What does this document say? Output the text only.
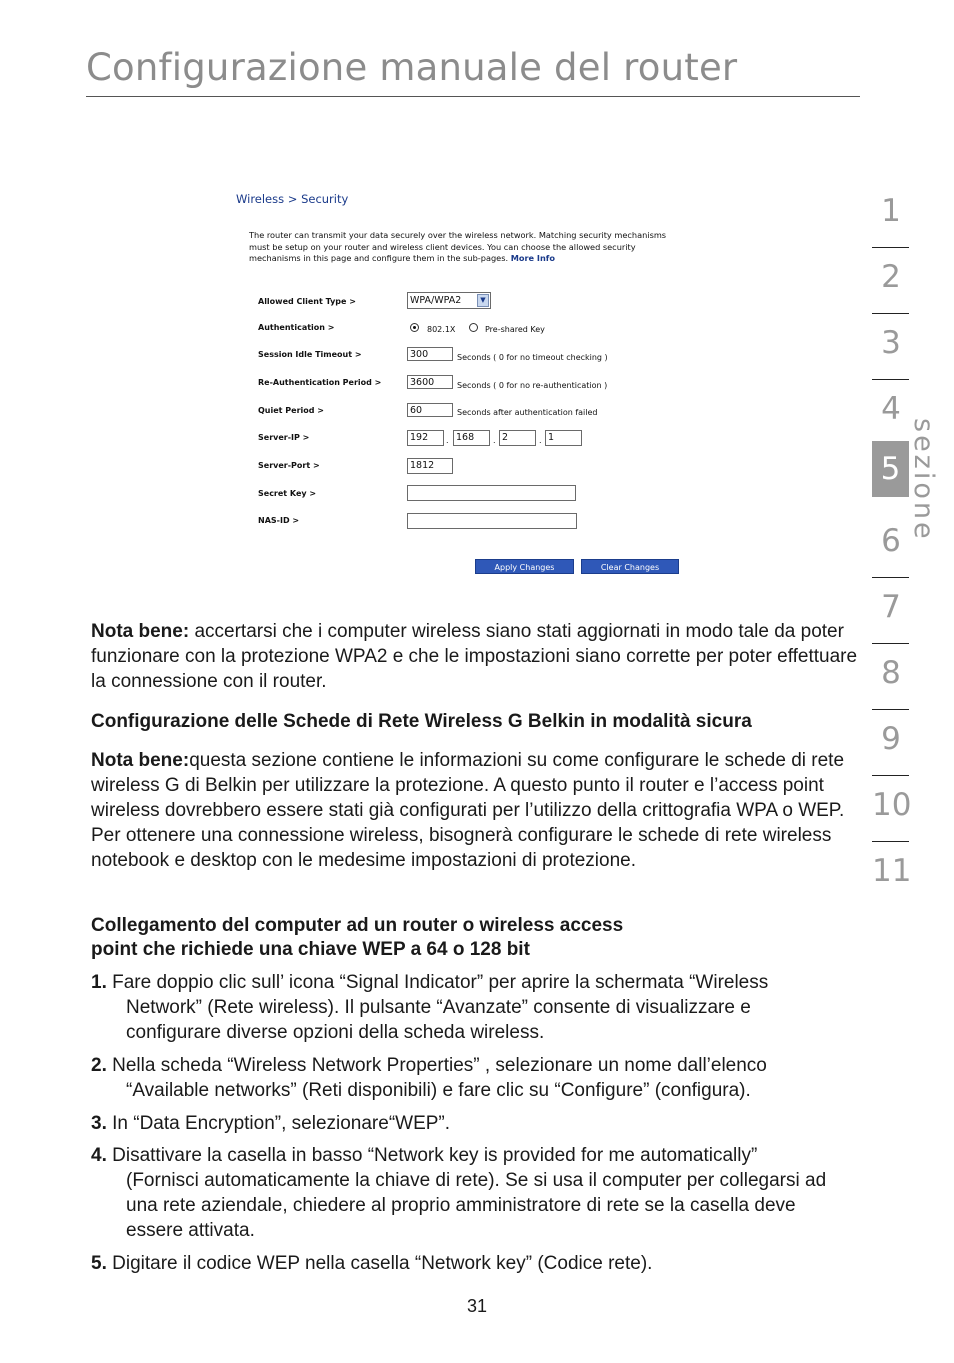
Configurazione manuale del router
1
2
3
4
6
7
8
9
10
11
5 sezione
Wireless > Security
The router can transmit your data securely over the wireless network. Matching security mechanisms must be setup on your router and wireless client devices. You can choose the allowed security mechanisms in this page and configure them in the sub-pages. More Info
Allowed Client Type >	WPA/WPA2	▼
Authentication >	802.1X	Pre-shared Key
Session Idle Timeout >	300	Seconds ( 0 for no timeout checking )
Re-Authentication Period >	3600	Seconds ( 0 for no re-authentication )
Quiet Period >	60	Seconds after authentication failed
Server-IP >	192	. 168	. 2	. 1
Server-Port >	1812
Secret Key >
NAS-ID >
Apply Changes	Clear Changes
Nota bene: accertarsi che i computer wireless siano stati aggiornati in modo tale da poter funzionare con la protezione WPA2 e che le impostazioni siano corrette per poter effettuare la connessione con il router.
Configurazione delle Schede di Rete Wireless G Belkin in modalità sicura
Nota bene:questa sezione contiene le informazioni su come configurare le schede di rete wireless G di Belkin per utilizzare la protezione. A questo punto il router e l’access point wireless dovrebbero essere stati già configurati per l’utilizzo della crittografia WPA o WEP. Per ottenere una connessione wireless, bisognerà configurare le schede di rete wireless notebook e desktop con le medesime impostazioni di protezione.
Collegamento del computer ad un router o wireless access
point che richiede una chiave WEP a 64 o 128 bit
1. Fare doppio clic sull’ icona “Signal Indicator” per aprire la schermata “Wireless
Network” (Rete wireless). Il pulsante “Avanzate” consente di visualizzare e configurare diverse opzioni della scheda wireless.
2. Nella scheda “Wireless Network Properties” , selezionare un nome dall’elenco
“Available networks” (Reti disponibili) e fare clic su “Configure” (configura).
3. In “Data Encryption”, selezionare“WEP”.
4. Disattivare la casella in basso “Network key is provided for me automatically”
(Fornisci automaticamente la chiave di rete). Se si usa il computer per collegarsi ad una rete aziendale, chiedere al proprio amministratore di rete se la casella deve essere attivata.
5. Digitare il codice WEP nella casella “Network key” (Codice rete).
31
